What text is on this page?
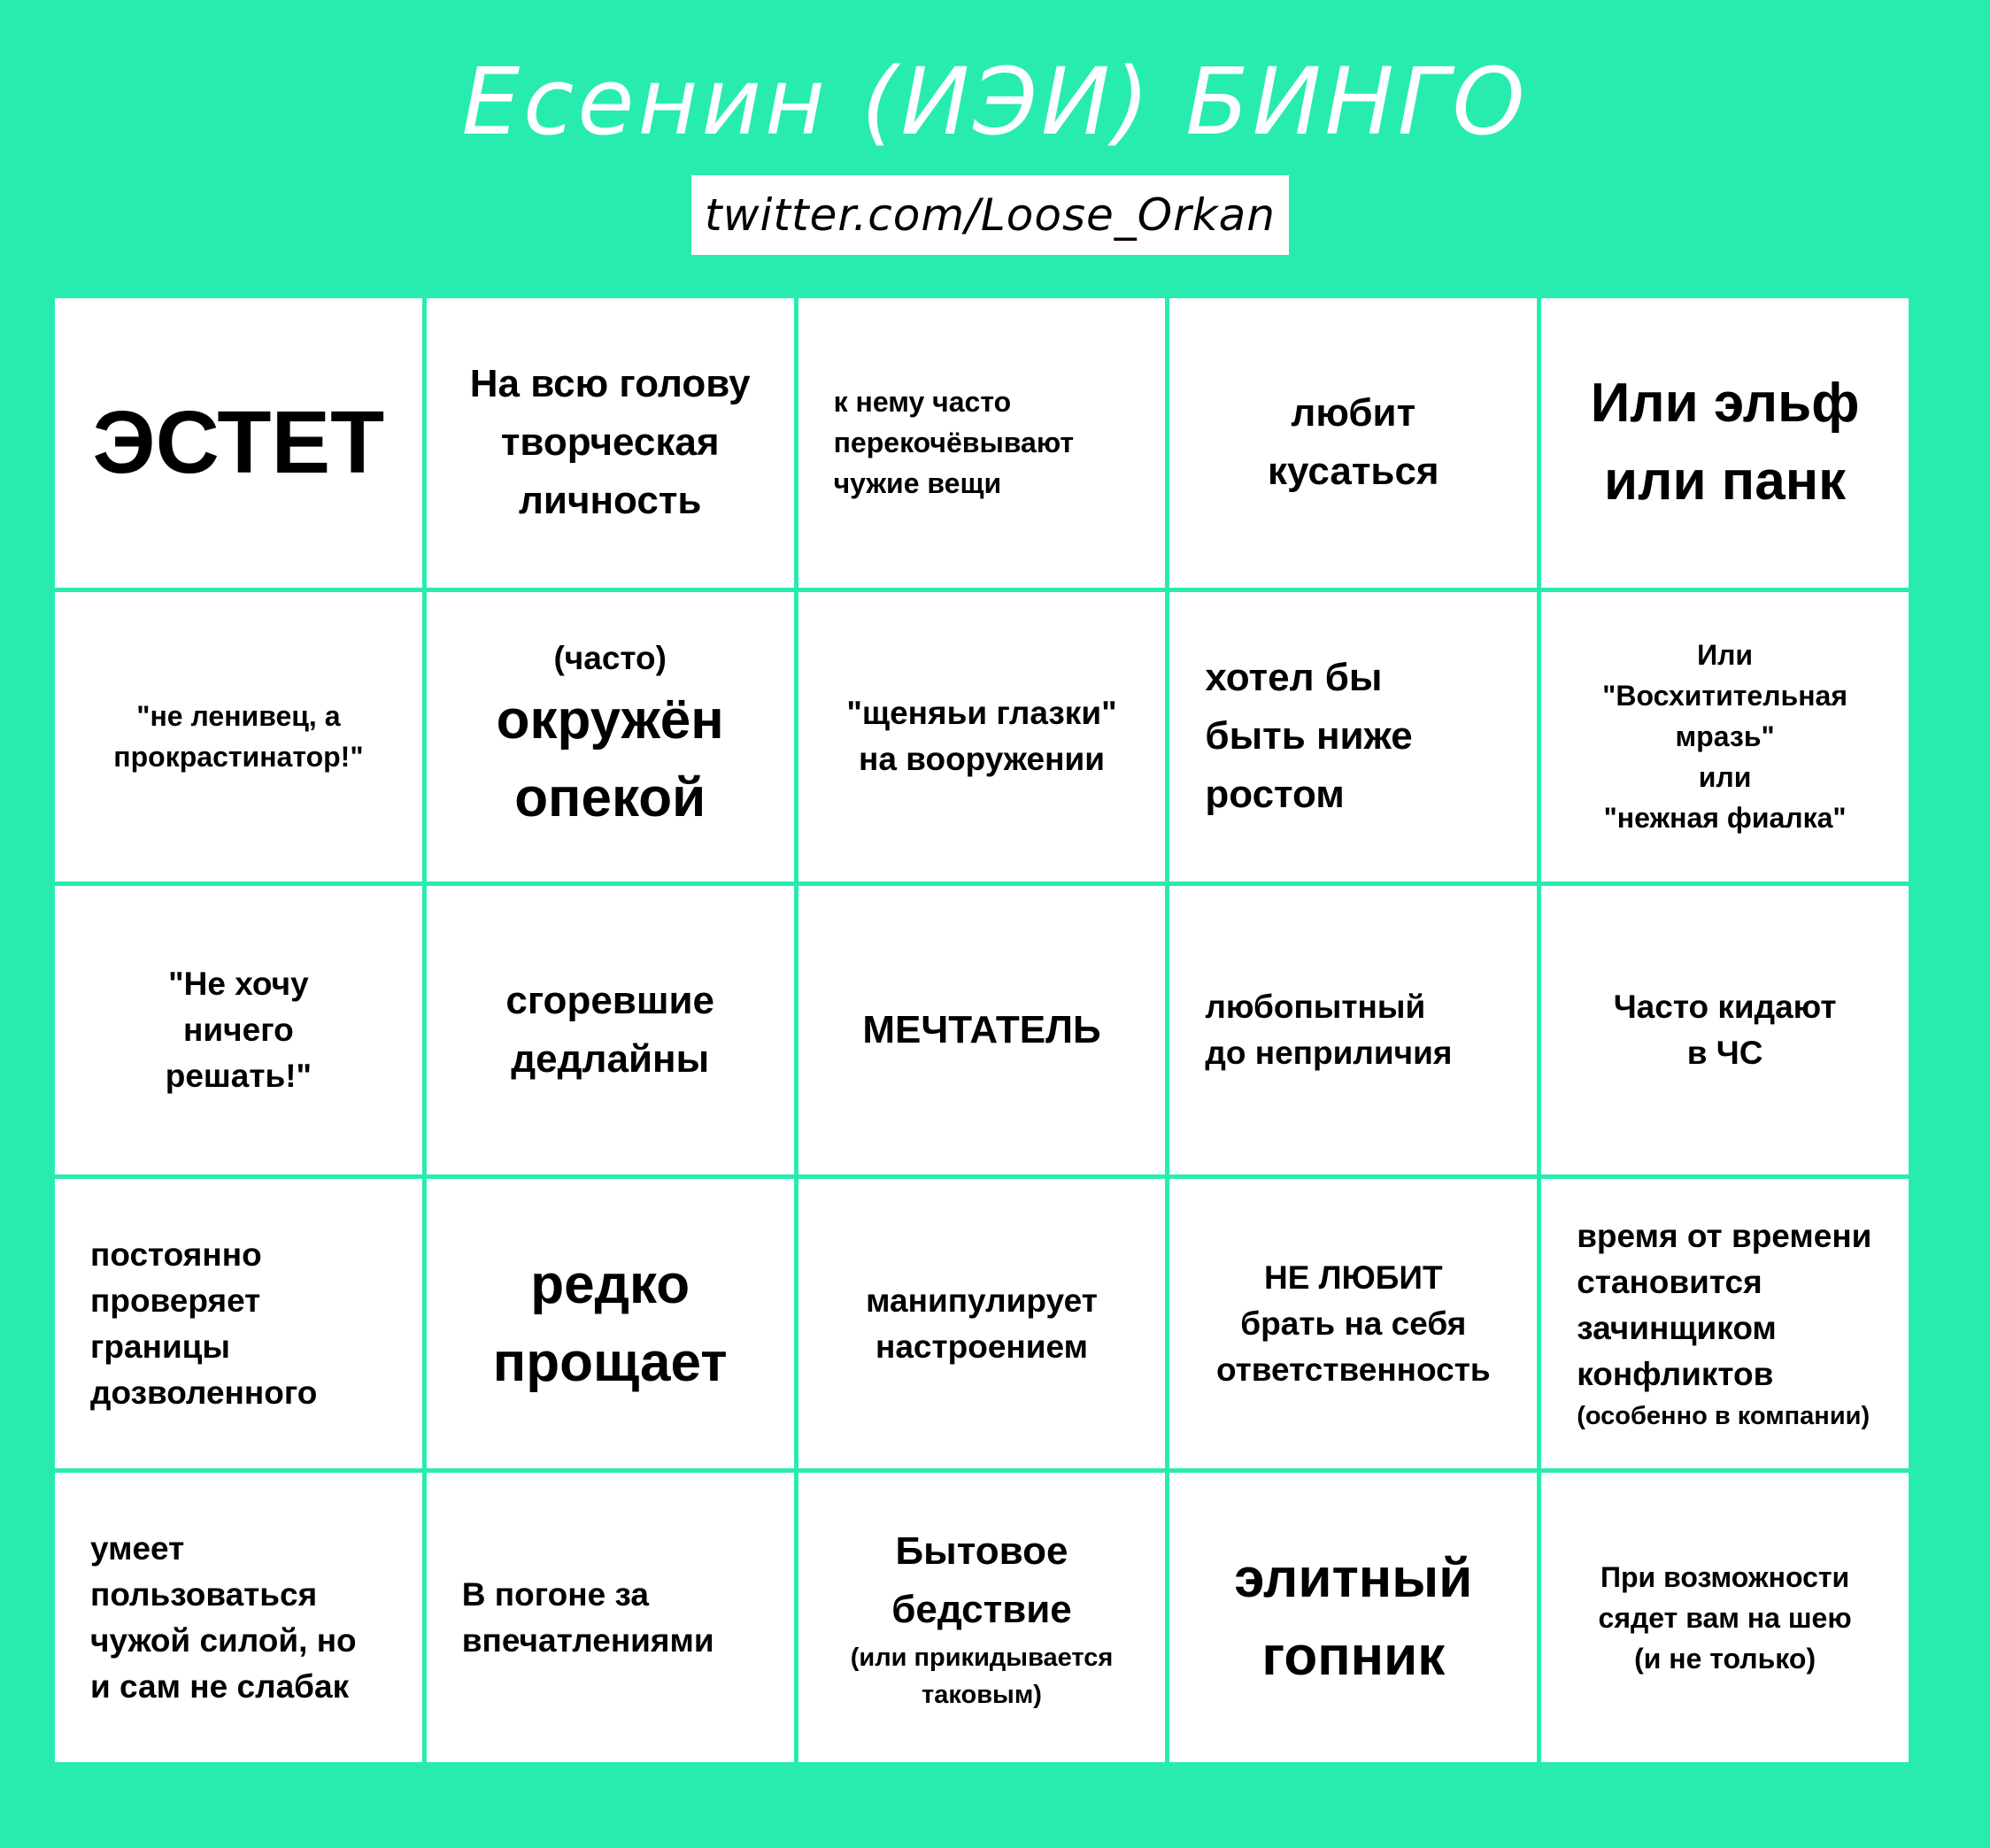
Есенин (ИЭИ) БИНГО
twitter.com/Loose_Orkan
ЭСТЕТ
На всю голову
творческая
личность
к нему часто
перекочёвывают
чужие вещи
любит
кусаться
Или эльф
или панк
"не ленивец, а
прокрастинатор!"
(часто)
окружён
опекой
"щеняьи глазки"
на вооружении
хотел бы
быть ниже
ростом
Или
"Восхитительная
мразь"
или
"нежная фиалка"
"Не хочу
ничего
решать!"
сгоревшие
дедлайны
МЕЧТАТЕЛЬ
любопытный
до неприличия
Часто кидают
в ЧС
постоянно
проверяет
границы
дозволенного
редко
прощает
манипулирует
настроением
НЕ ЛЮБИТ
брать на себя
ответственность
время от времени
становится
зачинщиком
конфликтов
(особенно в компании)
умеет
пользоваться
чужой силой, но
и сам не слабак
В погоне за
впечатлениями
Бытовое
бедствие
(или прикидывается
таковым)
элитный
гопник
При возможности
сядет вам на шею
(и не только)
